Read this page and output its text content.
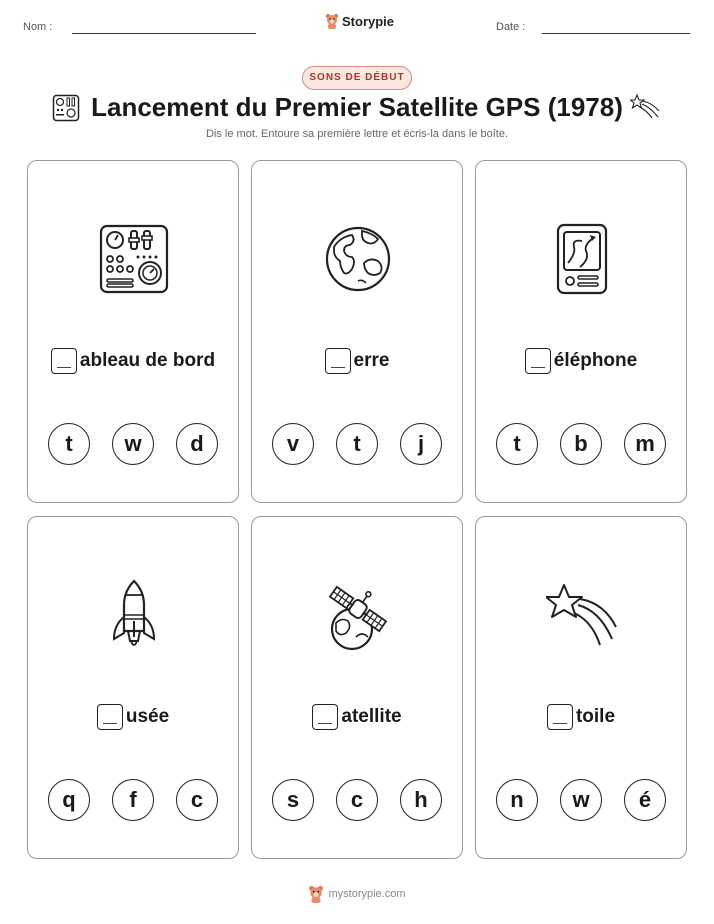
Nom :	Storypie	Date :
SONS DE DÉBUT
Lancement du Premier Satellite GPS (1978)
Dis le mot. Entoure sa première lettre et écris-la dans le boîte.
ableau de bord
t	w	d
erre
v	t	j
éléphone
t	b	m
usée
q	f	c
atellite
s	c	h
toile
n	w	é
mystorypie.com
